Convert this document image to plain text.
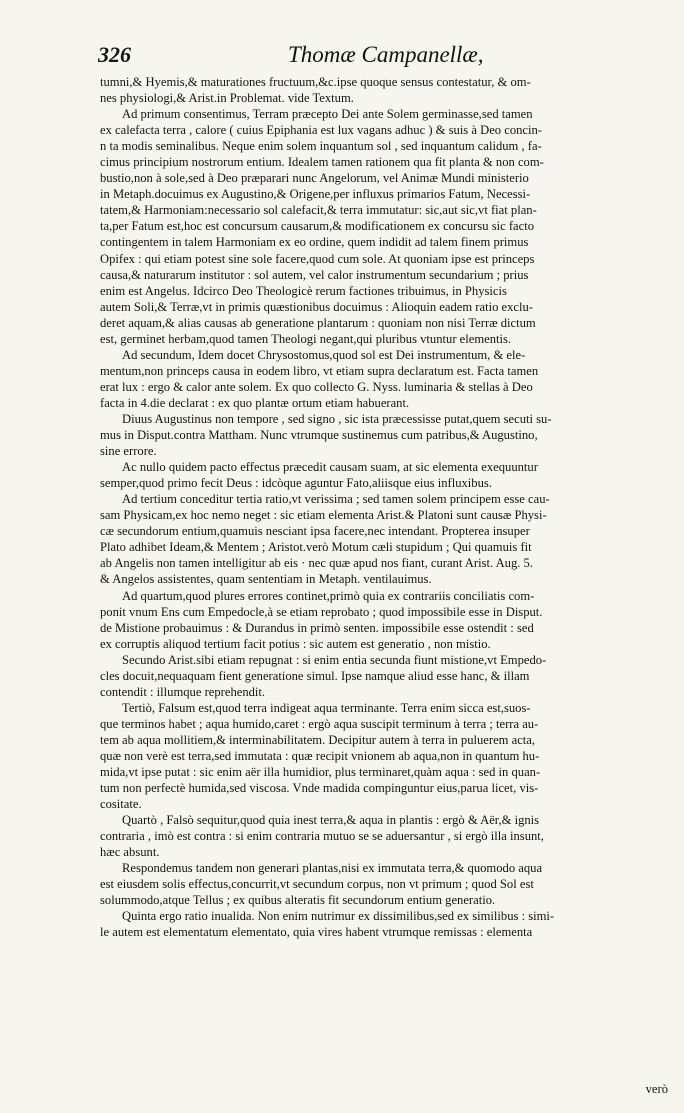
326	Thomæ Campanellæ,
tumni,& Hyemis,& maturationes fructuum,&c.ipse quoque sensus contestatur, & om-
nes physiologi,& Arist.in Problemat. vide Textum.
Ad primum consentimus, Terram præcepto Dei ante Solem germinasse,sed tamen
ex calefacta terra , calore ( cuius Epiphania est lux vagans adhuc ) & suis à Deo concin-
n ta modis seminalibus. Neque enim solem inquantum sol , sed inquantum calidum , fa-
cimus principium nostrorum entium. Idealem tamen rationem qua fit planta & non com-
bustio,non à sole,sed à Deo præparari nunc Angelorum, vel Animæ Mundi ministerio
in Metaph.docuimus ex Augustino,& Origene,per influxus primarios Fatum, Necessi-
tatem,& Harmoniam:necessario sol calefacit,& terra immutatur: sic,aut sic,vt fiat plan-
ta,per Fatum est,hoc est concursum causarum,& modificationem ex concursu sic facto
contingentem in talem Harmoniam ex eo ordine, quem indidit ad talem finem primus
Opifex : qui etiam potest sine sole facere,quod cum sole. At quoniam ipse est princeps
causa,& naturarum institutor : sol autem, vel calor instrumentum secundarium ; prius
enim est Angelus. Idcirco Deo Theologicè rerum factiones tribuimus, in Physicis
autem Soli,& Terræ,vt in primis quæstionibus docuimus : Alioquin eadem ratio exclu-
deret aquam,& alias causas ab generatione plantarum : quoniam non nisi Terræ dictum
est, germinet herbam,quod tamen Theologi negant,qui pluribus vtuntur elementis.
Ad secundum, Idem docet Chrysostomus,quod sol est Dei instrumentum, & ele-
mentum,non princeps causa in eodem libro, vt etiam supra declaratum est. Facta tamen
erat lux : ergo & calor ante solem. Ex quo collecto G. Nyss. luminaria & stellas à Deo
facta in 4.die declarat : ex quo plantæ ortum etiam habuerant.
Diuus Augustinus non tempore , sed signo , sic ista præcessisse putat,quem secuti su-
mus in Disput.contra Mattham. Nunc vtrumque sustinemus cum patribus,& Augustino,
sine errore.
Ac nullo quidem pacto effectus præcedit causam suam, at sic elementa exequuntur
semper,quod primo fecit Deus : idcòque aguntur Fato,aliisque eius influxibus.
Ad tertium conceditur tertia ratio,vt verissima ; sed tamen solem principem esse cau-
sam Physicam,ex hoc nemo neget : sic etiam elementa Arist.& Platoni sunt causæ Physi-
cæ secundorum entium,quamuis nesciant ipsa facere,nec intendant. Propterea insuper
Plato adhibet Ideam,& Mentem ; Aristot.verò Motum cæli stupidum ; Qui quamuis fit
ab Angelis non tamen intelligitur ab eis · nec quæ apud nos fiant, curant Arist. Aug. 5.
& Angelos assistentes, quam sententiam in Metaph. ventilauimus.
Ad quartum,quod plures errores continet,primò quia ex contrariis conciliatis com-
ponit vnum Ens cum Empedocle,à se etiam reprobato ; quod impossibile esse in Disput.
de Mistione probauimus : & Durandus in primò senten. impossibile esse ostendit : sed
ex corruptis aliquod tertium facit potius : sic autem est generatio , non mistio.
Secundo Arist.sibi etiam repugnat : si enim entia secunda fiunt mistione,vt Empedo-
cles docuit,nequaquam fient generatione simul. Ipse namque aliud esse hanc, & illam
contendit : illumque reprehendit.
Tertiò, Falsum est,quod terra indigeat aqua terminante. Terra enim sicca est,suos-
que terminos habet ; aqua humido,caret : ergò aqua suscipit terminum à terra ; terra au-
tem ab aqua mollitiem,& interminabilitatem. Decipitur autem à terra in puluerem acta,
quæ non verè est terra,sed immutata : quæ recipit vnionem ab aqua,non in quantum hu-
mida,vt ipse putat : sic enim aër illa humidior, plus terminaret,quàm aqua : sed in quan-
tum non perfectè humida,sed viscosa. Vnde madida compinguntur eius,parua licet, vis-
cositate.
Quartò , Falsò sequitur,quod quia inest terra,& aqua in plantis : ergò & Aër,& ignis
contraria , imò est contra : si enim contraria mutuo se se aduersantur , si ergò illa insunt,
hæc absunt.
Respondemus tandem non generari plantas,nisi ex immutata terra,& quomodo aqua
est eiusdem solis effectus,concurrit,vt secundum corpus, non vt primum ; quod Sol est
solummodo,atque Tellus ; ex quibus alteratis fit secundorum entium generatio.
Quinta ergo ratio inualida. Non enim nutrimur ex dissimilibus,sed ex similibus : simi-
le autem est elementatum elementato, quia vires habent vtrumque remissas : elementa
verò
